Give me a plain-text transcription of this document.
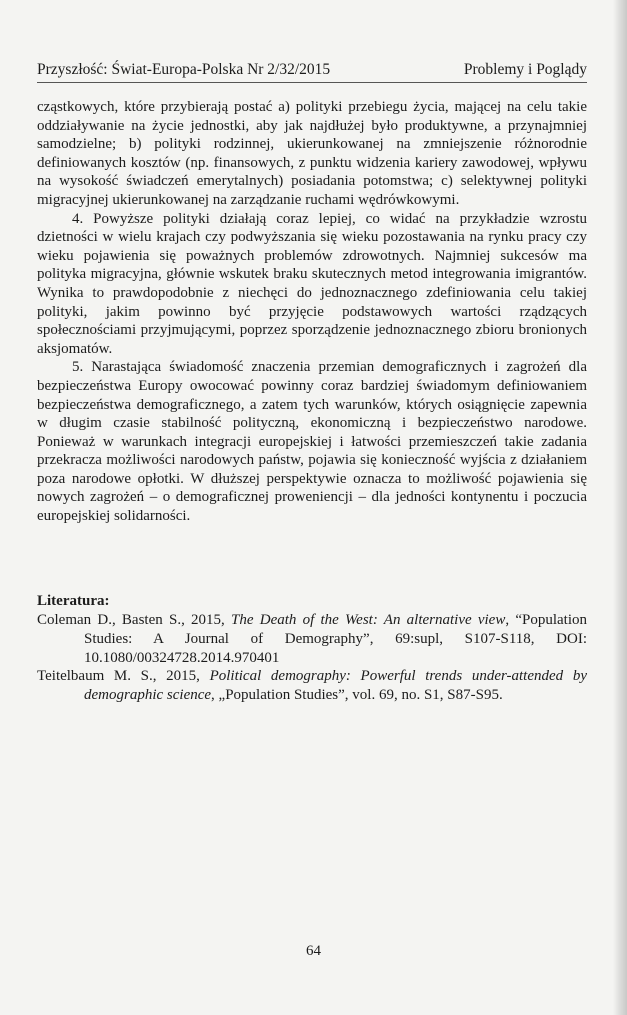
Przyszłość: Świat-Europa-Polska Nr 2/32/2015	Problemy i Poglądy

cząstkowych, które przybierają postać a) polityki przebiegu życia, mającej na celu takie oddziaływanie na życie jednostki, aby jak najdłużej było produktywne, a przynajmniej samodzielne; b) polityki rodzinnej, ukierunkowanej na zmniejszenie różnorodnie definiowanych kosztów (np. finansowych, z punktu widzenia kariery zawodowej, wpływu na wysokość świadczeń emerytalnych) posiadania potomstwa; c) selektywnej polityki migracyjnej ukierunkowanej na zarządzanie ruchami wędrówkowymi.

4. Powyższe polityki działają coraz lepiej, co widać na przykładzie wzrostu dzietności w wielu krajach czy podwyższania się wieku pozostawania na rynku pracy czy wieku pojawienia się poważnych problemów zdrowotnych. Najmniej sukcesów ma polityka migracyjna, głównie wskutek braku skutecznych metod integrowania imigrantów. Wynika to prawdopodobnie z niechęci do jednoznacznego zdefiniowania celu takiej polityki, jakim powinno być przyjęcie podstawowych wartości rządzących społecznościami przyjmującymi, poprzez sporządzenie jednoznacznego zbioru bronionych aksjomatów.

5. Narastająca świadomość znaczenia przemian demograficznych i zagrożeń dla bezpieczeństwa Europy owocować powinny coraz bardziej świadomym definiowaniem bezpieczeństwa demograficznego, a zatem tych warunków, których osiągnięcie zapewnia w długim czasie stabilność polityczną, ekonomiczną i bezpieczeństwo narodowe. Ponieważ w warunkach integracji europejskiej i łatwości przemieszczeń takie zadania przekracza możliwości narodowych państw, pojawia się konieczność wyjścia z działaniem poza narodowe opłotki. W dłuższej perspektywie oznacza to możliwość pojawienia się nowych zagrożeń – o demograficznej proweniencji – dla jedności kontynentu i poczucia europejskiej solidarności.

Literatura:

Coleman D., Basten S., 2015, The Death of the West: An alternative view, “Population Studies: A Journal of Demography”, 69:supl, S107-S118, DOI: 10.1080/00324728.2014.970401

Teitelbaum M. S., 2015, Political demography: Powerful trends under-attended by demographic science, „Population Studies”, vol. 69, no. S1, S87-S95.

64
